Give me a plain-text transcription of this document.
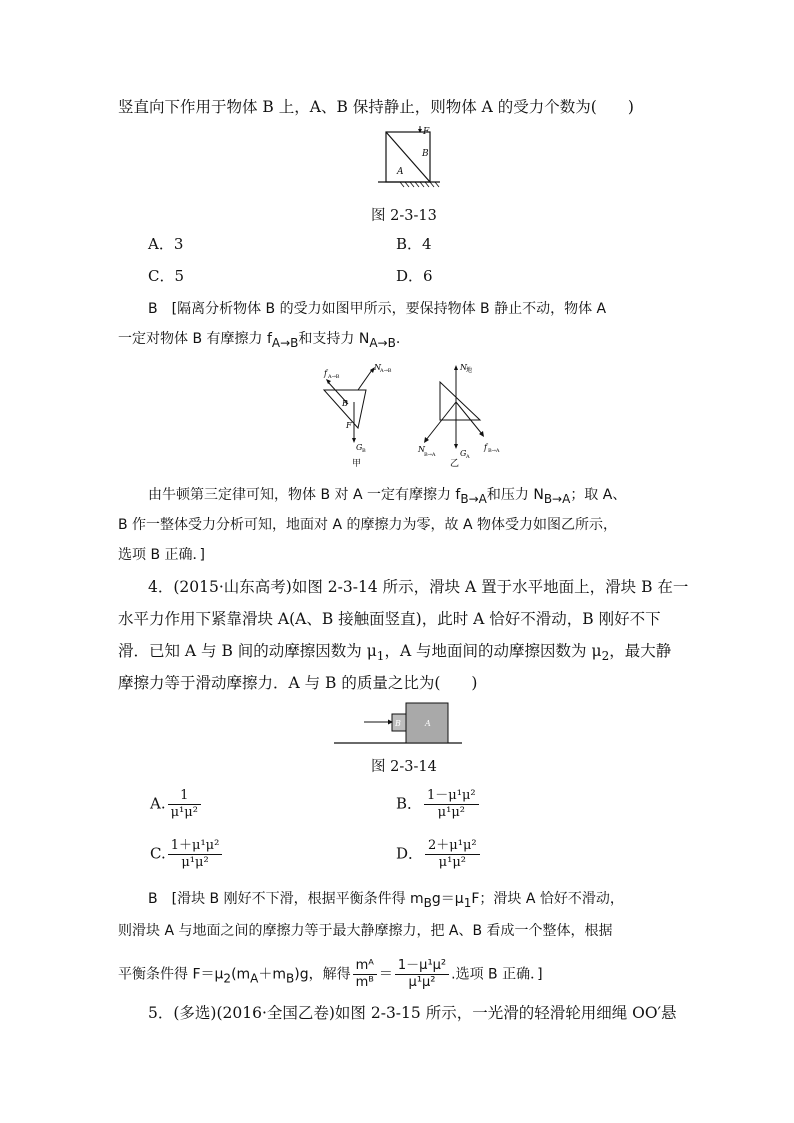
竖直向下作用于物体 B 上，A、B 保持静止，则物体 A 的受力个数为(　　)
F
B
A
图 2-3-13
A．3	B．4
C．5	D．6
B　[隔离分析物体 B 的受力如图甲所示，要保持物体 B 静止不动，物体 A
一定对物体 B 有摩擦力 $f_{A\to B}$和支持力 $N_{A\to B}$.
f A→B
N A→B
B
F
G B
甲
N 地
G A
N
B→A
f B→A
乙
由牛顿第三定律可知，物体 B 对 A 一定有摩擦力 $f_{B\to A}$和压力 $N_{B\to A}$；取 A、
B 作一整体受力分析可知，地面对 A 的摩擦力为零，故 A 物体受力如图乙所示，
选项 B 正确．]
4．(2015·山东高考)如图 2-3-14 所示，滑块 A 置于水平地面上，滑块 B 在一
水平力作用下紧靠滑块 A(A、B 接触面竖直)，此时 A 恰好不滑动，B 刚好不下
滑．已知 A 与 B 间的动摩擦因数为 $\mu_1$，A 与地面间的动摩擦因数为 $\mu_2$，最大静
摩擦力等于滑动摩擦力．A 与 B 的质量之比为(　　)
B	A
图 2-3-14
A. $\frac{1}{\text{μ¹μ²}}$	B． $\frac{\text{1－μ¹μ²}}{\text{μ¹μ²}}$
C. $\frac{\text{1＋μ¹μ²}}{\text{μ¹μ²}}$	D． $\frac{\text{2＋μ¹μ²}}{\text{μ¹μ²}}$
B　[滑块 B 刚好不下滑，根据平衡条件得 $m_Bg=\mu_1F$；滑块 A 恰好不滑动，
则滑块 A 与地面之间的摩擦力等于最大静摩擦力，把 A、B 看成一个整体，根据
平衡条件得 $F=\mu_2(m_A+m_B)g$，解得 $\frac{\text{mᴬ}}{\text{mᴮ}} = \frac{\text{1－μ¹μ²}}{\text{μ¹μ²}}$ .选项 B 正确．]
5．(多选)(2016·全国乙卷)如图 2-3-15 所示，一光滑的轻滑轮用细绳 OO′悬
